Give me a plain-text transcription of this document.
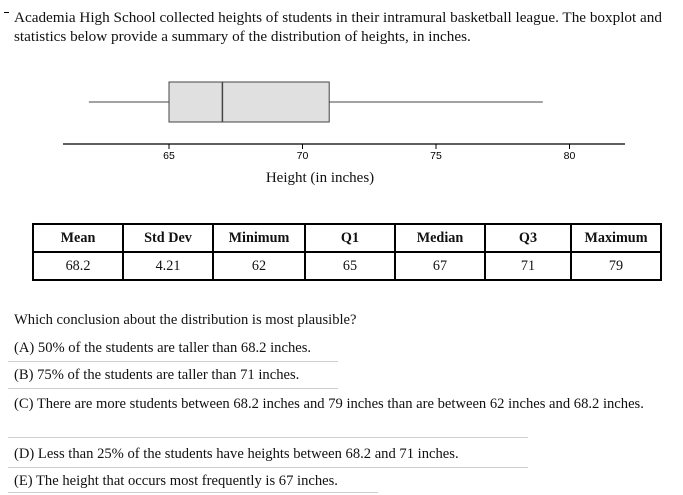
Academia High School collected heights of students in their intramural basketball league. The boxplot and statistics below provide a summary of the distribution of heights, in inches.
65	70	75	80
Height (in inches)
Mean	Std Dev	Minimum	Q1	Median	Q3	Maximum
68.2	4.21	62	65	67	71	79
Which conclusion about the distribution is most plausible?
(A) 50% of the students are taller than 68.2 inches.
(B) 75% of the students are taller than 71 inches.
(C) There are more students between 68.2 inches and 79 inches than are between 62 inches and 68.2 inches.
(D) Less than 25% of the students have heights between 68.2 and 71 inches.
(E) The height that occurs most frequently is 67 inches.
